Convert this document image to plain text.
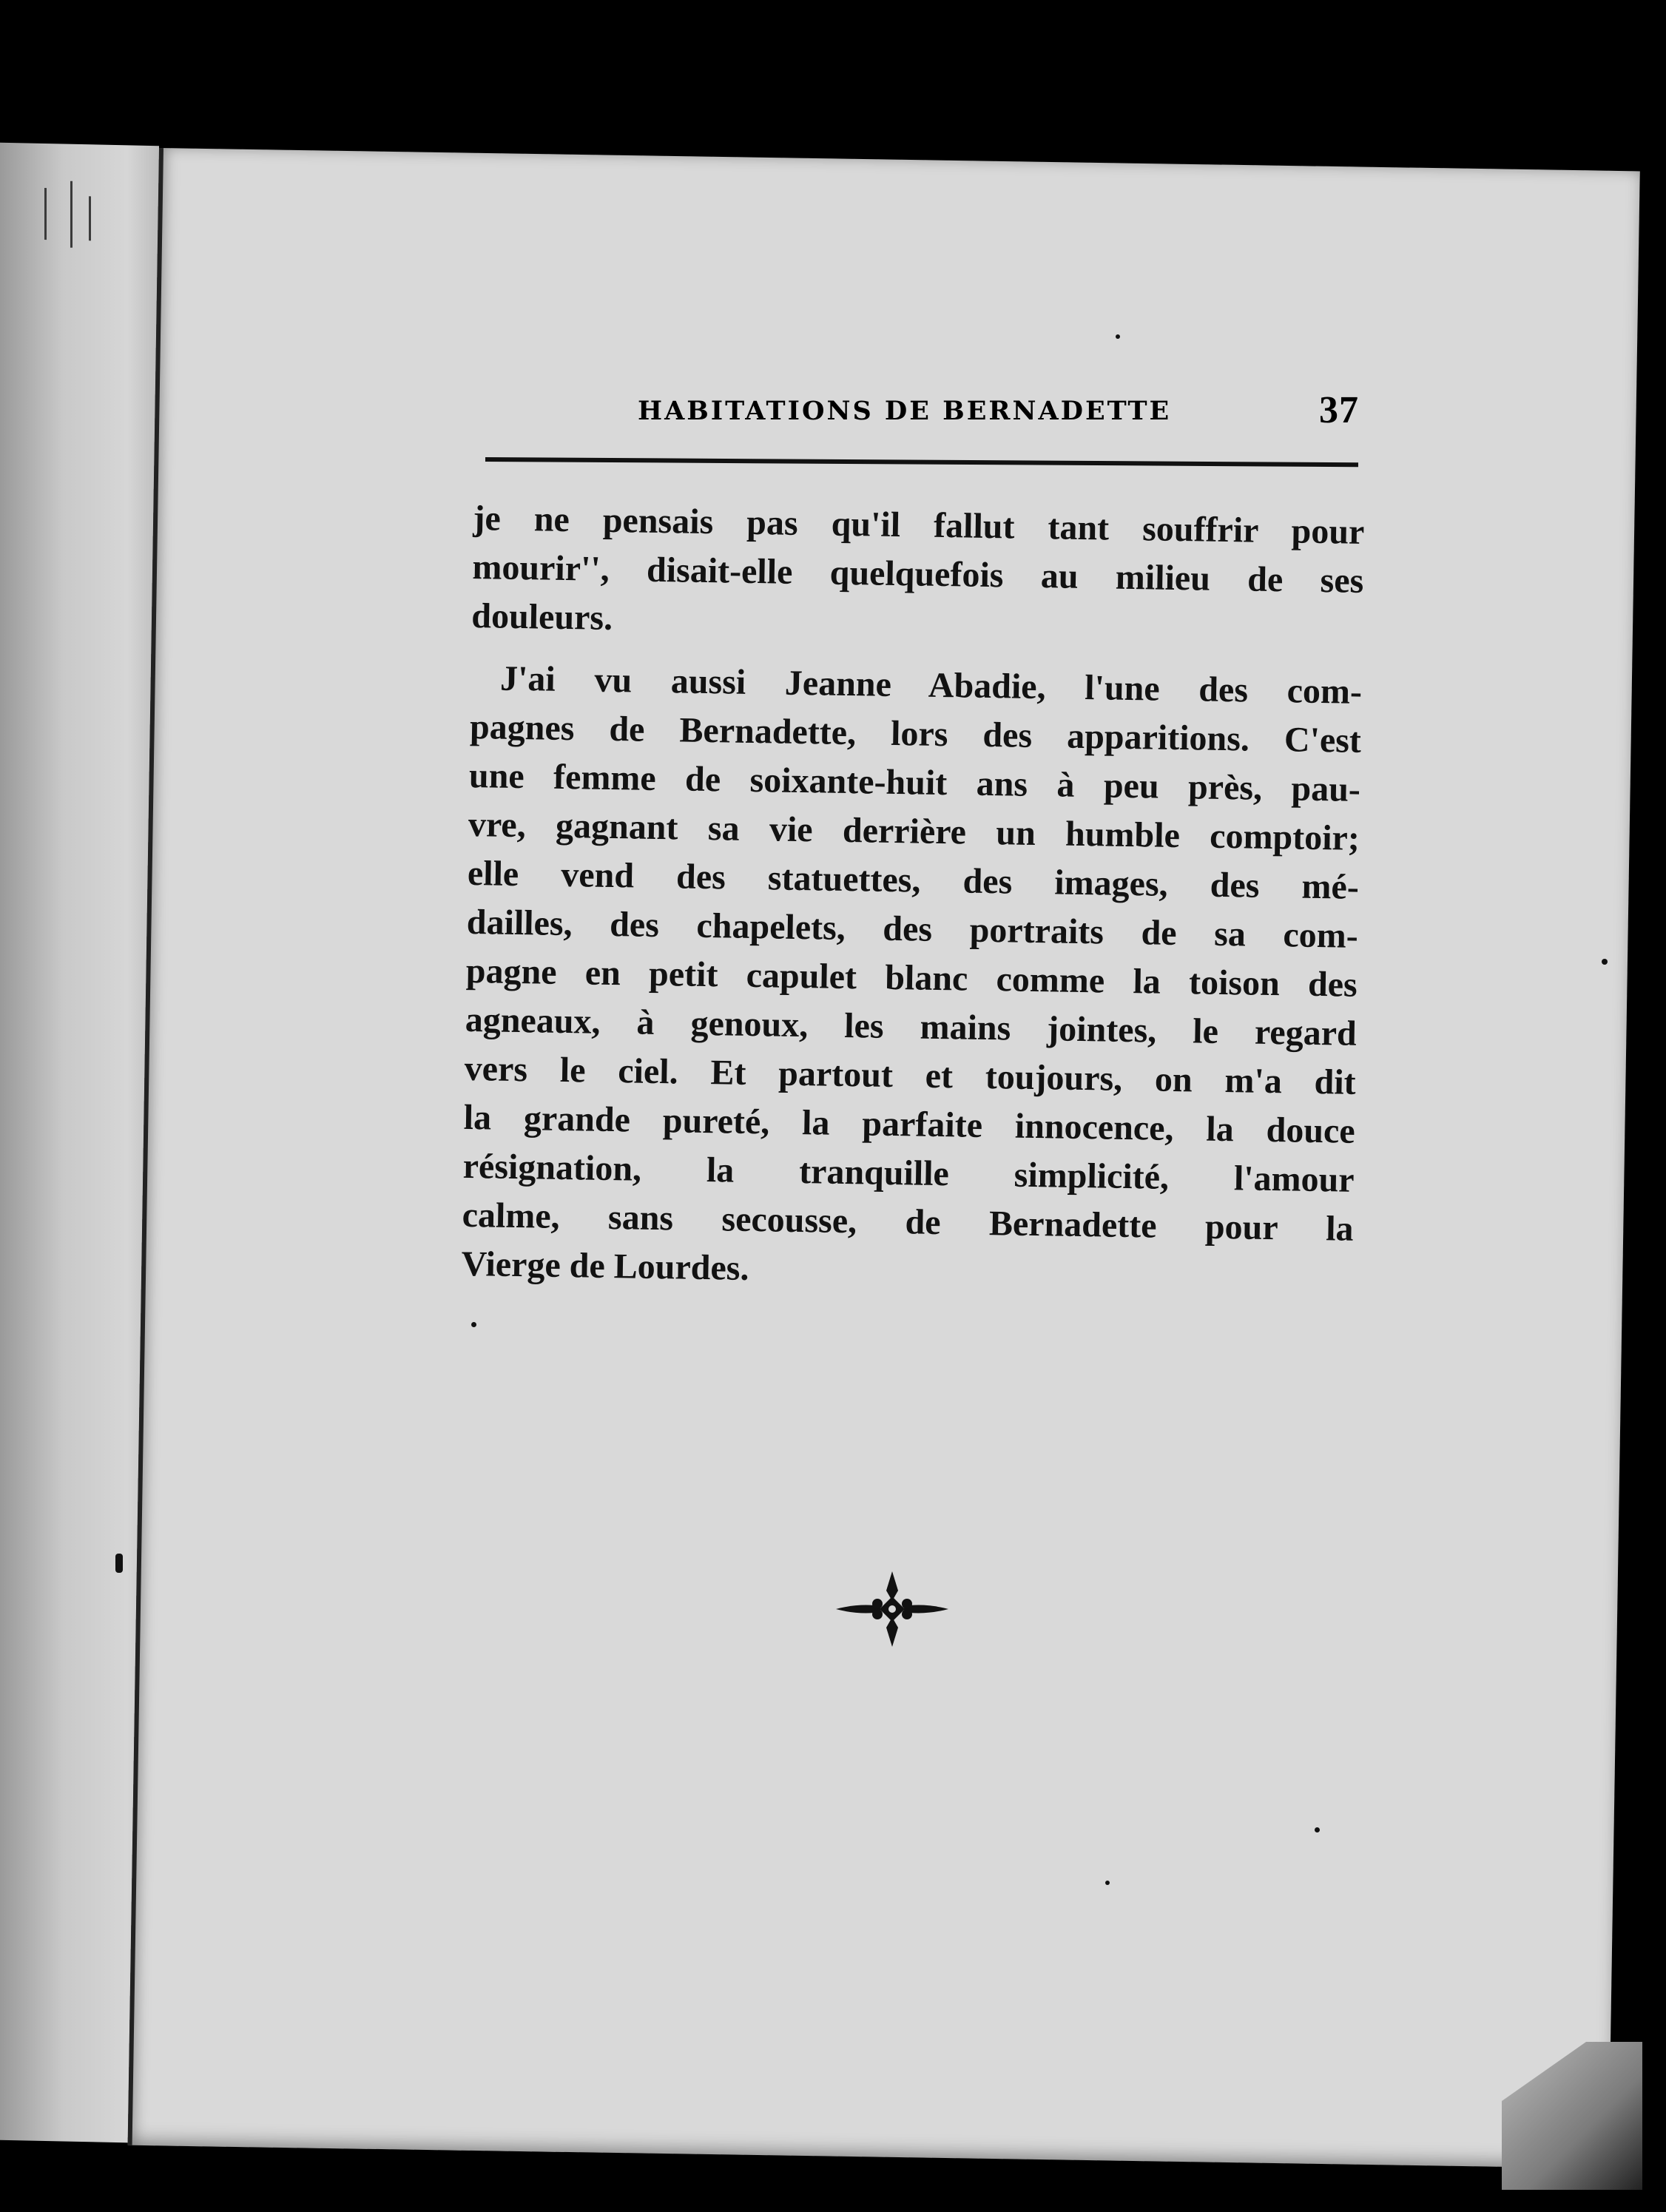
HABITATIONS DE BERNADETTE	37
je ne pensais pas qu'il fallut tant souffrir pour
mourir'', disait-elle quelquefois au milieu de ses
douleurs.
J'ai vu aussi Jeanne Abadie, l'une des com-
pagnes de Bernadette, lors des apparitions. C'est
une femme de soixante-huit ans à peu près, pau-
vre, gagnant sa vie derrière un humble comptoir;
elle vend des statuettes, des images, des mé-
dailles, des chapelets, des portraits de sa com-
pagne en petit capulet blanc comme la toison des
agneaux, à genoux, les mains jointes, le regard
vers le ciel. Et partout et toujours, on m'a dit
la grande pureté, la parfaite innocence, la douce
résignation, la tranquille simplicité, l'amour
calme, sans secousse, de Bernadette pour la
Vierge de Lourdes.
